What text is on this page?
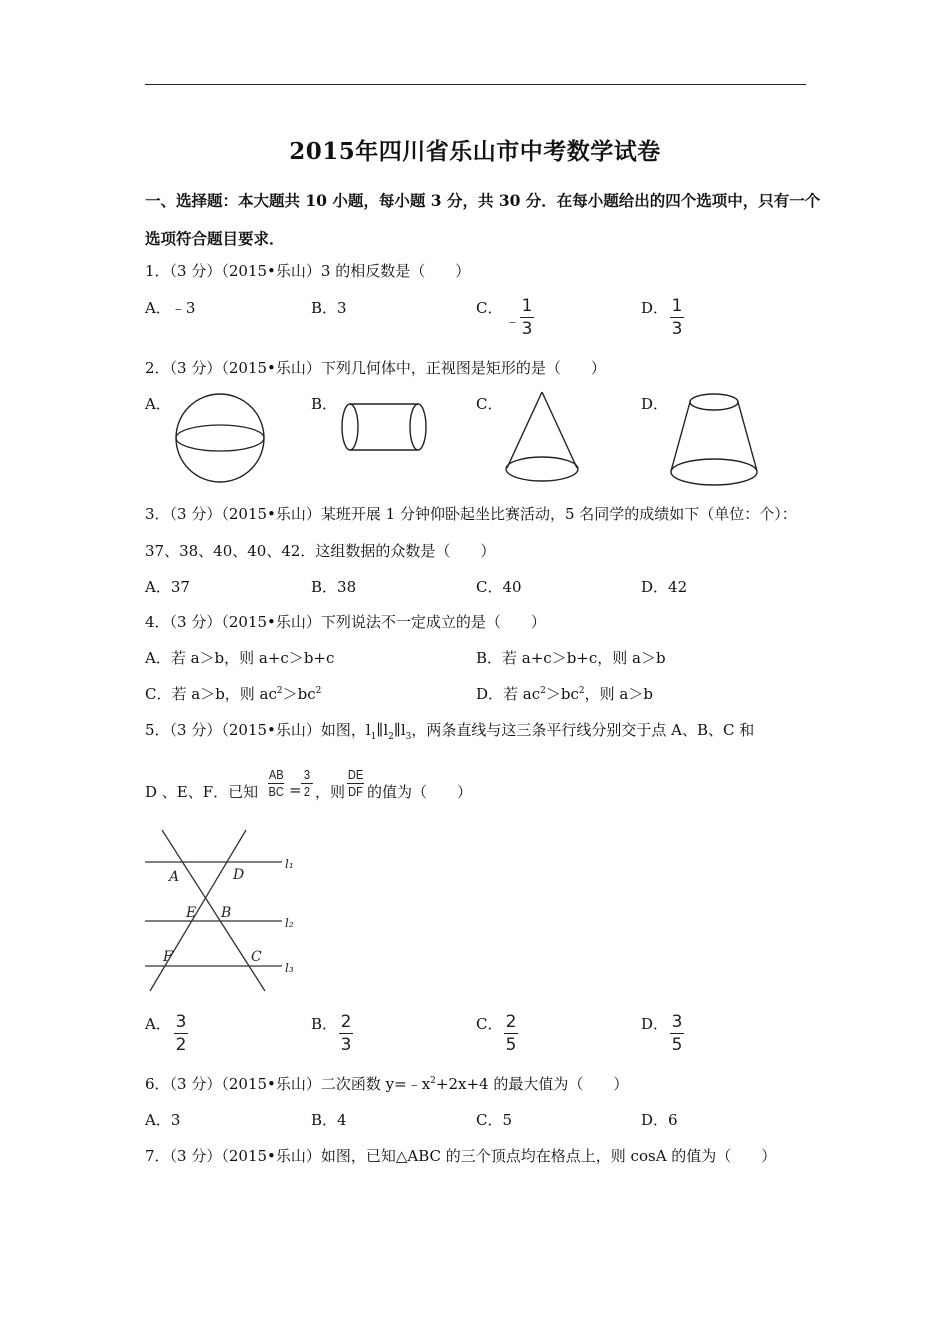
2015年四川省乐山市中考数学试卷
一、选择题：本大题共 10 小题，每小题 3 分，共 30 分．在每小题给出的四个选项中，只有一个
选项符合题目要求．
1．（3 分）（2015•乐山）3 的相反数是（　　）
A．﹣3	B．3	C．
﹣ $\frac{1}{3}$	D． $\frac{1}{3}$
2．（3 分）（2015•乐山）下列几何体中，正视图是矩形的是（　　）
A．	B．	C．	D．
3．（3 分）（2015•乐山）某班开展 1 分钟仰卧起坐比赛活动，5 名同学的成绩如下（单位：个）：
37、38、40、40、42．这组数据的众数是（　　）
A．37	B．38	C．40	D．42
4．（3 分）（2015•乐山）下列说法不一定成立的是（　　）
A．若 a＞b，则 a+c＞b+c	B．若 a+c＞b+c，则 a＞b
C．若 a＞b，则 $ac^2>bc^2$	D．若 $ac^2>bc^2$，则 a＞b
5．（3 分）（2015•乐山）如图，$l_1\parallel l_2\parallel l_3$，两条直线与这三条平行线分别交于点 A、B、C 和
D 、E、F．已知 $\frac{AB}{BC} = \frac{3}{2}$ ，则 $\frac{DE}{DF}$ 的值为（　　）
A	D
E B
F	C
l₁
l₂
l₃
A． $\frac{3}{2}$	B． $\frac{2}{3}$	C． $\frac{2}{5}$	D． $\frac{3}{5}$
6．（3 分）（2015•乐山）二次函数 $y=﹣x^2+2x+4$ 的最大值为（　　）
A．3	B．4	C．5	D．6
7．（3 分）（2015•乐山）如图，已知△ABC 的三个顶点均在格点上，则 cosA 的值为（　　）
